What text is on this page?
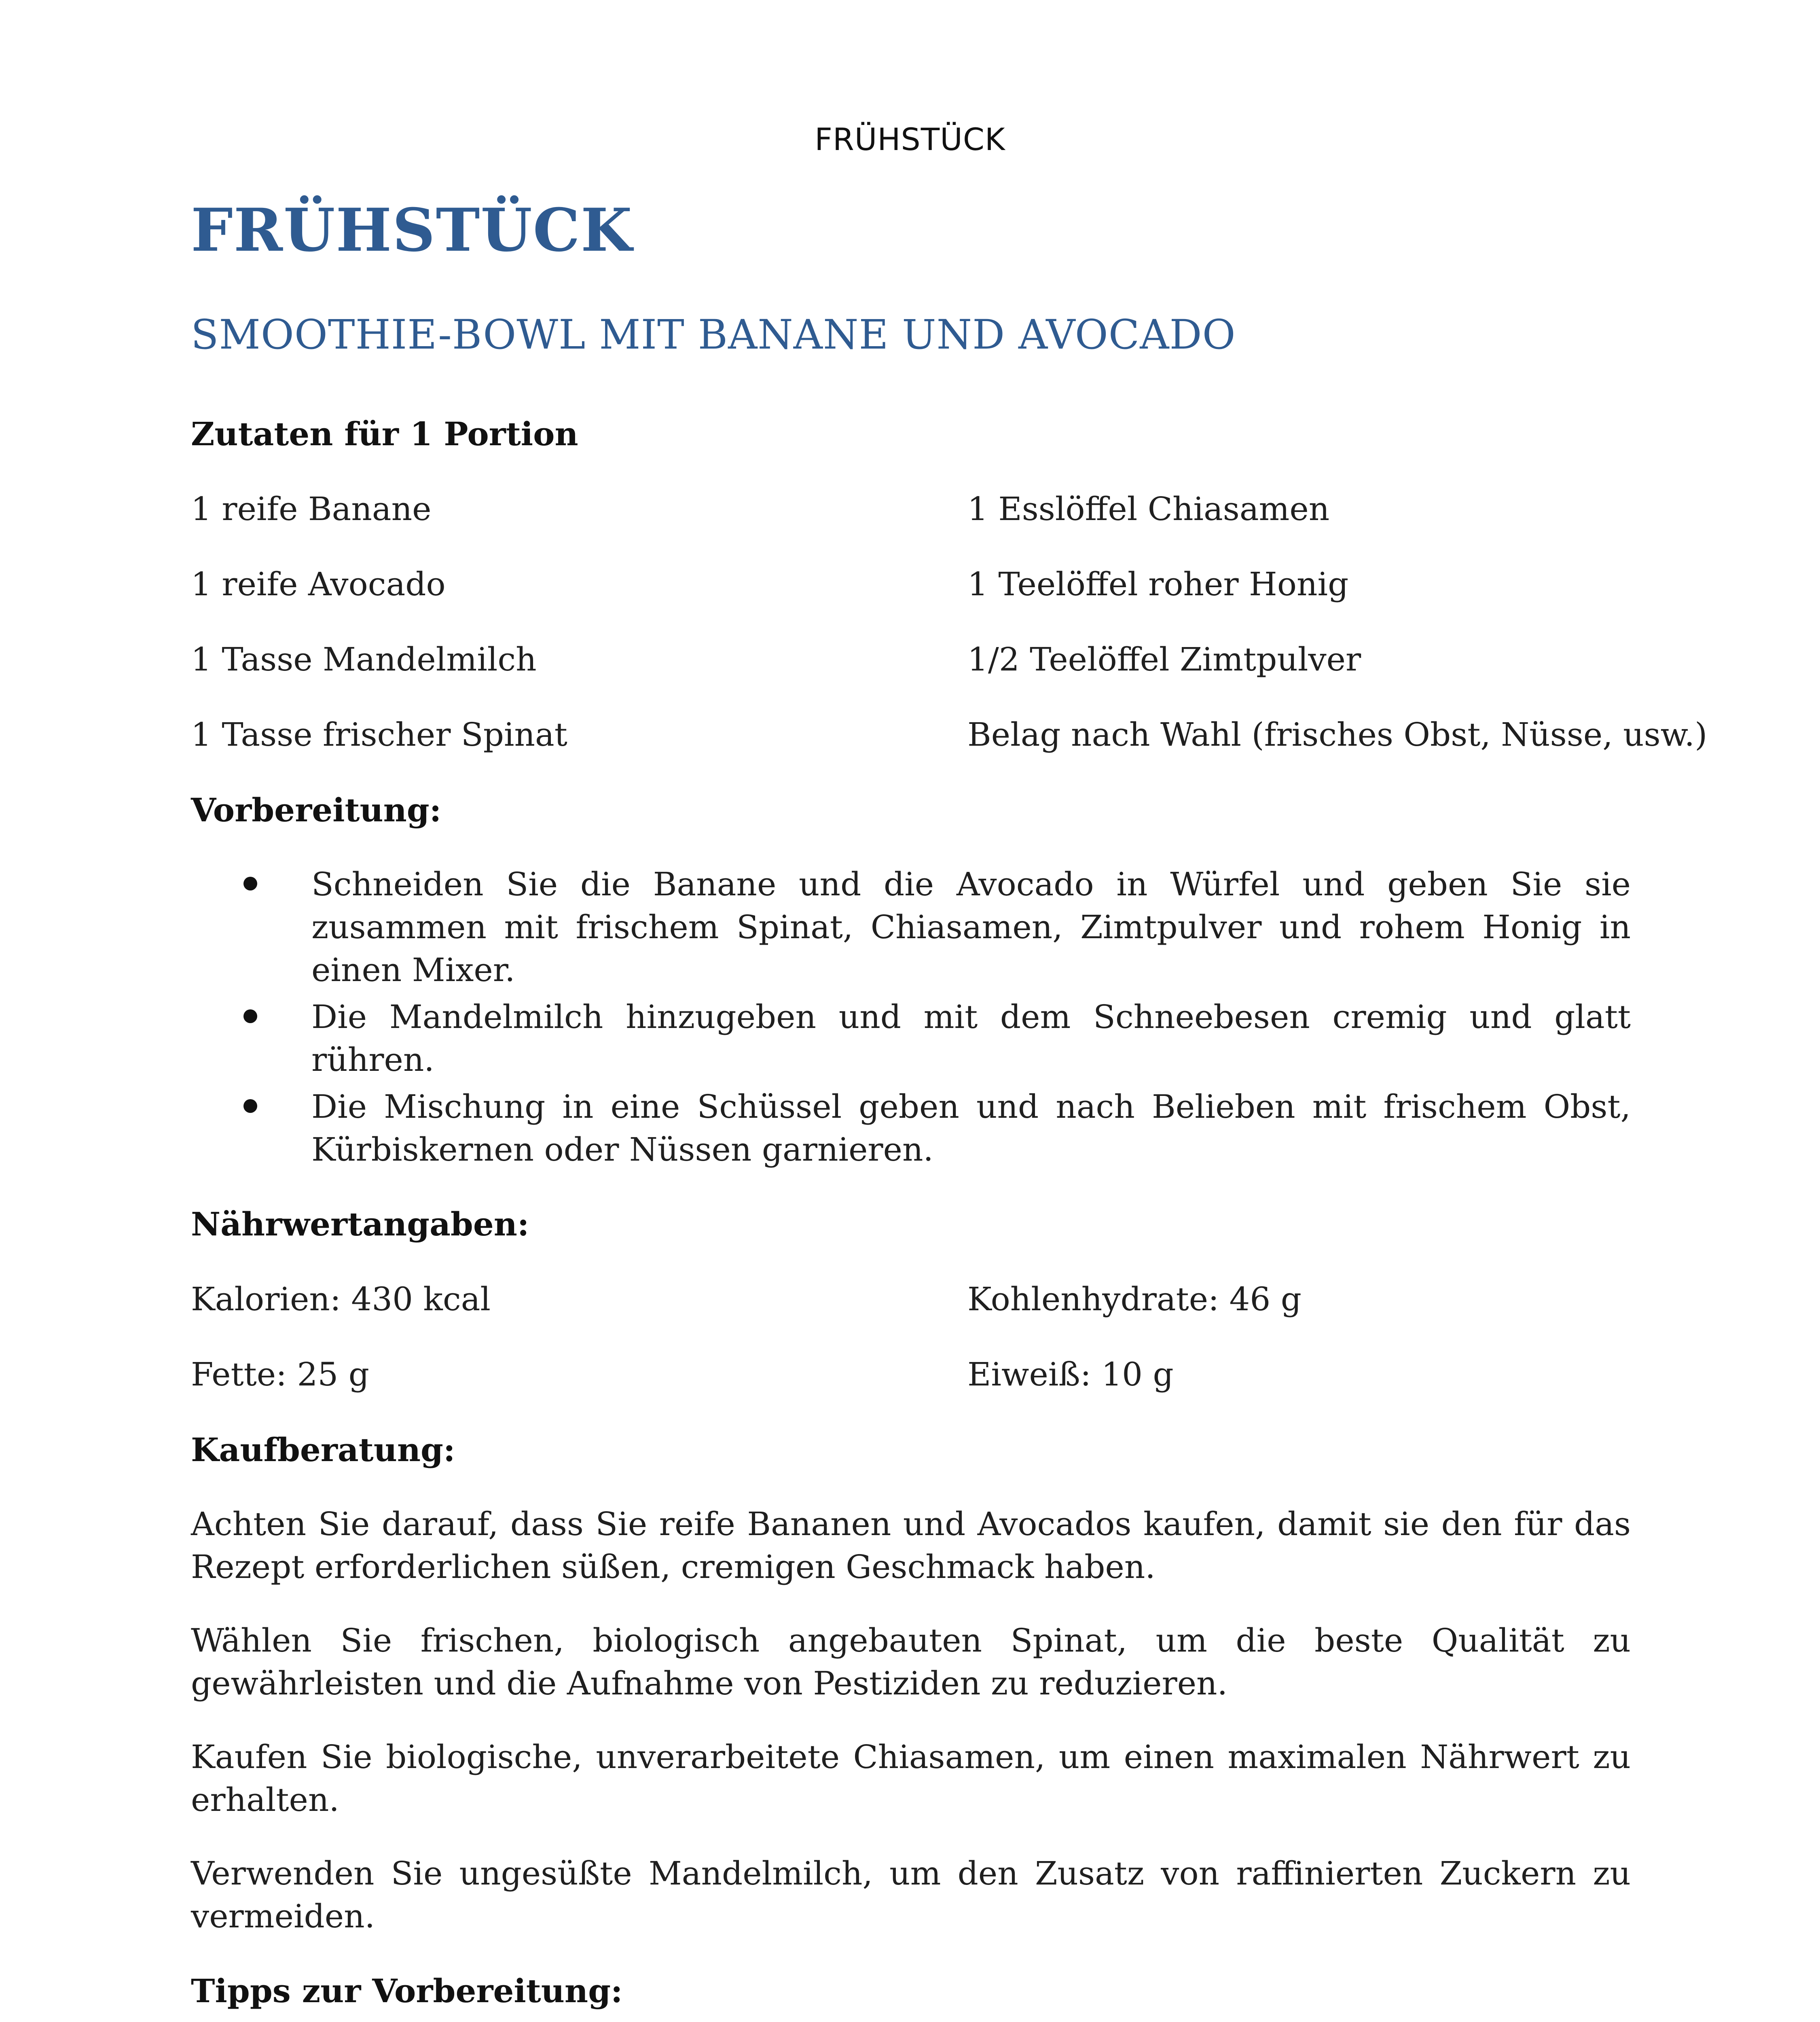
FRÜHSTÜCK
FRÜHSTÜCK
SMOOTHIE-BOWL MIT BANANE UND AVOCADO
Zutaten für 1 Portion
1 reife Banane	1 Esslöffel Chiasamen
1 reife Avocado	1 Teelöffel roher Honig
1 Tasse Mandelmilch	1/2 Teelöffel Zimtpulver
1 Tasse frischer Spinat	Belag nach Wahl (frisches Obst, Nüsse, usw.)
Vorbereitung:
Schneiden Sie die Banane und die Avocado in Würfel und geben Sie sie zusammen mit frischem Spinat, Chiasamen, Zimtpulver und rohem Honig in einen Mixer.
Die Mandelmilch hinzugeben und mit dem Schneebesen cremig und glatt rühren.
Die Mischung in eine Schüssel geben und nach Belieben mit frischem Obst, Kürbiskernen oder Nüssen garnieren.
Nährwertangaben:
Kalorien: 430 kcal	Kohlenhydrate: 46 g
Fette: 25 g	Eiweiß: 10 g
Kaufberatung:

Achten Sie darauf, dass Sie reife Bananen und Avocados kaufen, damit sie den für das Rezept erforderlichen süßen, cremigen Geschmack haben.

Wählen Sie frischen, biologisch angebauten Spinat, um die beste Qualität zu gewährleisten und die Aufnahme von Pestiziden zu reduzieren.

Kaufen Sie biologische, unverarbeitete Chiasamen, um einen maximalen Nährwert zu erhalten.

Verwenden Sie ungesüßte Mandelmilch, um den Zusatz von raffinierten Zuckern zu vermeiden.

Tipps zur Vorbereitung:
